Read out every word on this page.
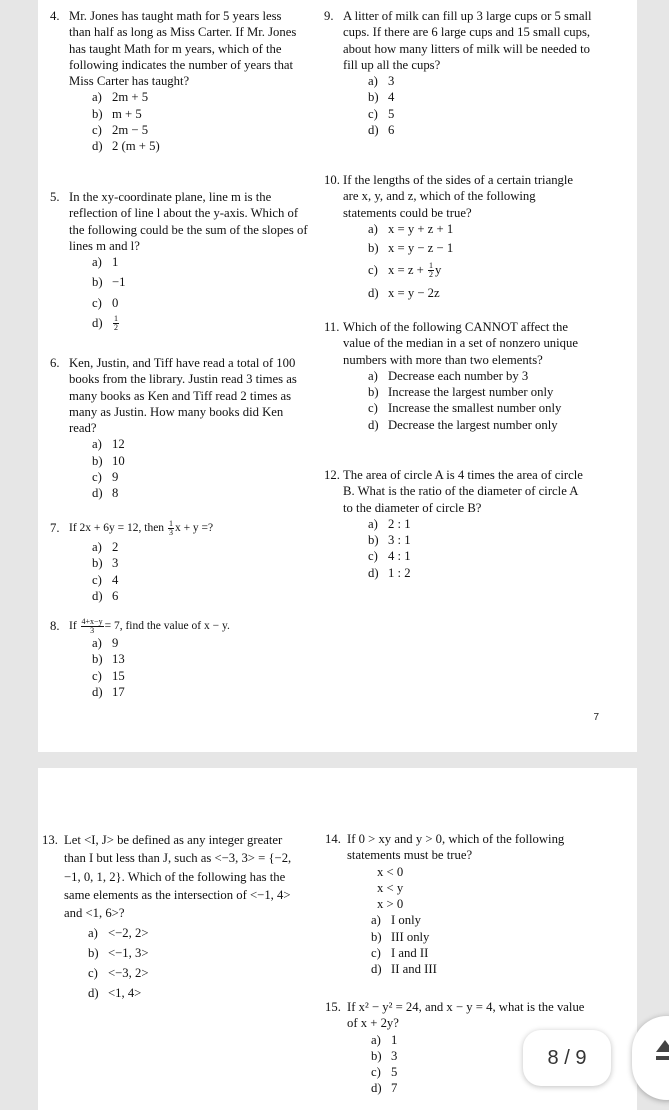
4. Mr. Jones has taught math for 5 years less than half as long as Miss Carter. If Mr. Jones has taught Math for m years, which of the following indicates the number of years that Miss Carter has taught?
a) 2m + 5
b) m + 5
c) 2m − 5
d) 2 (m + 5)
5. In the xy-coordinate plane, line m is the reflection of line l about the y-axis. Which of the following could be the sum of the slopes of lines m and l?
a) 1
b) −1
c) 0
d)	$\frac{1}{2}$
6. Ken, Justin, and Tiff have read a total of 100 books from the library. Justin read 3 times as many books as Ken and Tiff read 2 times as many as Justin. How many books did Ken read?
a) 12
b) 10
c) 9
d) 8
7. If 2x + 6y = 12, then $\frac{1}{3}$ x + y =?
a) 2
b) 3
c) 4
d) 6
8. If $\frac{4+x-y}{3} = 7$, find the value of x − y.
a) 9
b) 13
c) 15
d) 17
9. A litter of milk can fill up 3 large cups or 5 small cups. If there are 6 large cups and 15 small cups, about how many litters of milk will be needed to fill up all the cups?
a) 3
b) 4
c) 5
d) 6
10. If the lengths of the sides of a certain triangle are x, y, and z, which of the following statements could be true?
a) x = y + z + 1
b) x = y − z − 1
c) x = z +
$\frac{1}{2}$ y
d) x = y − 2z
11. Which of the following CANNOT affect the value of the median in a set of nonzero unique numbers with more than two elements?
a) Decrease each number by 3
b) Increase the largest number only
c) Increase the smallest number only
d) Decrease the largest number only
12. The area of circle A is 4 times the area of circle B. What is the ratio of the diameter of circle A to the diameter of circle B?
a) 2 : 1
b) 3 : 1
c) 4 : 1
d) 1 : 2
7
13. Let <I, J> be defined as any integer greater than I but less than J, such as <−3, 3> = {−2, −1, 0, 1, 2}. Which of the following has the same elements as the intersection of <−1, 4> and <1, 6>?
a) <−2, 2>
b) <−1, 3>
c) <−3, 2>
d) <1, 4>
14. If 0 > xy and y > 0, which of the following statements must be true?
x < 0
x < y
x > 0
a) I only
b) III only
c) I and II
d) II and III
15. If x² − y² = 24, and x − y = 4, what is the value of x + 2y?
a) 1
b) 3
c) 5
d) 7
8 / 9
